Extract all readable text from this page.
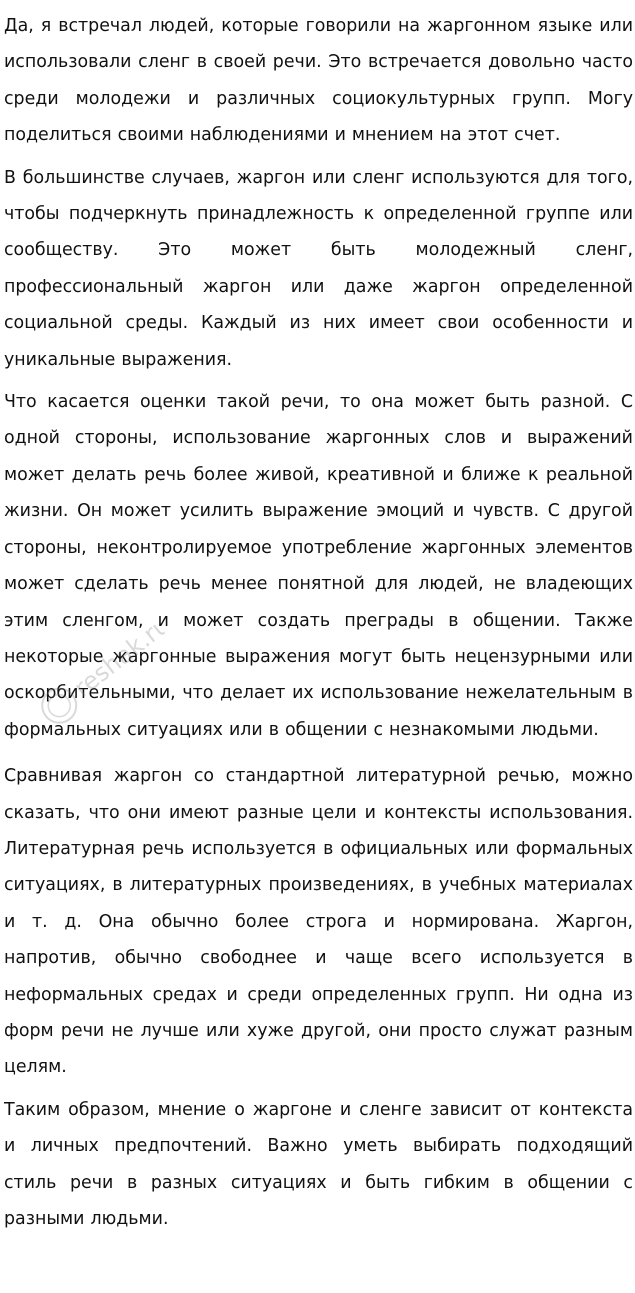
Да, я встречал людей, которые говорили на жаргонном языке или использовали сленг в своей речи. Это встречается довольно часто среди молодежи и различных социокультурных групп. Могу поделиться своими наблюдениями и мнением на этот счет.

В большинстве случаев, жаргон или сленг используются для того, чтобы подчеркнуть принадлежность к определенной группе или сообществу. Это может быть молодежный сленг, профессиональный жаргон или даже жаргон определенной социальной среды. Каждый из них имеет свои особенности и уникальные выражения.

Что касается оценки такой речи, то она может быть разной. С одной стороны, использование жаргонных слов и выражений может делать речь более живой, креативной и ближе к реальной жизни. Он может усилить выражение эмоций и чувств. С другой стороны, неконтролируемое употребление жаргонных элементов может сделать речь менее понятной для людей, не владеющих этим сленгом, и может создать преграды в общении. Также некоторые жаргонные выражения могут быть нецензурными или оскорбительными, что делает их использование нежелательным в формальных ситуациях или в общении с незнакомыми людьми.

Сравнивая жаргон со стандартной литературной речью, можно сказать, что они имеют разные цели и контексты использования. Литературная речь используется в официальных или формальных ситуациях, в литературных произведениях, в учебных материалах и т. д. Она обычно более строга и нормирована. Жаргон, напротив, обычно свободнее и чаще всего используется в неформальных средах и среди определенных групп. Ни одна из форм речи не лучше или хуже другой, они просто служат разным целям.

Таким образом, мнение о жаргоне и сленге зависит от контекста и личных предпочтений. Важно уметь выбирать подходящий стиль речи в разных ситуациях и быть гибким в общении с разными людьми.

reshak.ru
